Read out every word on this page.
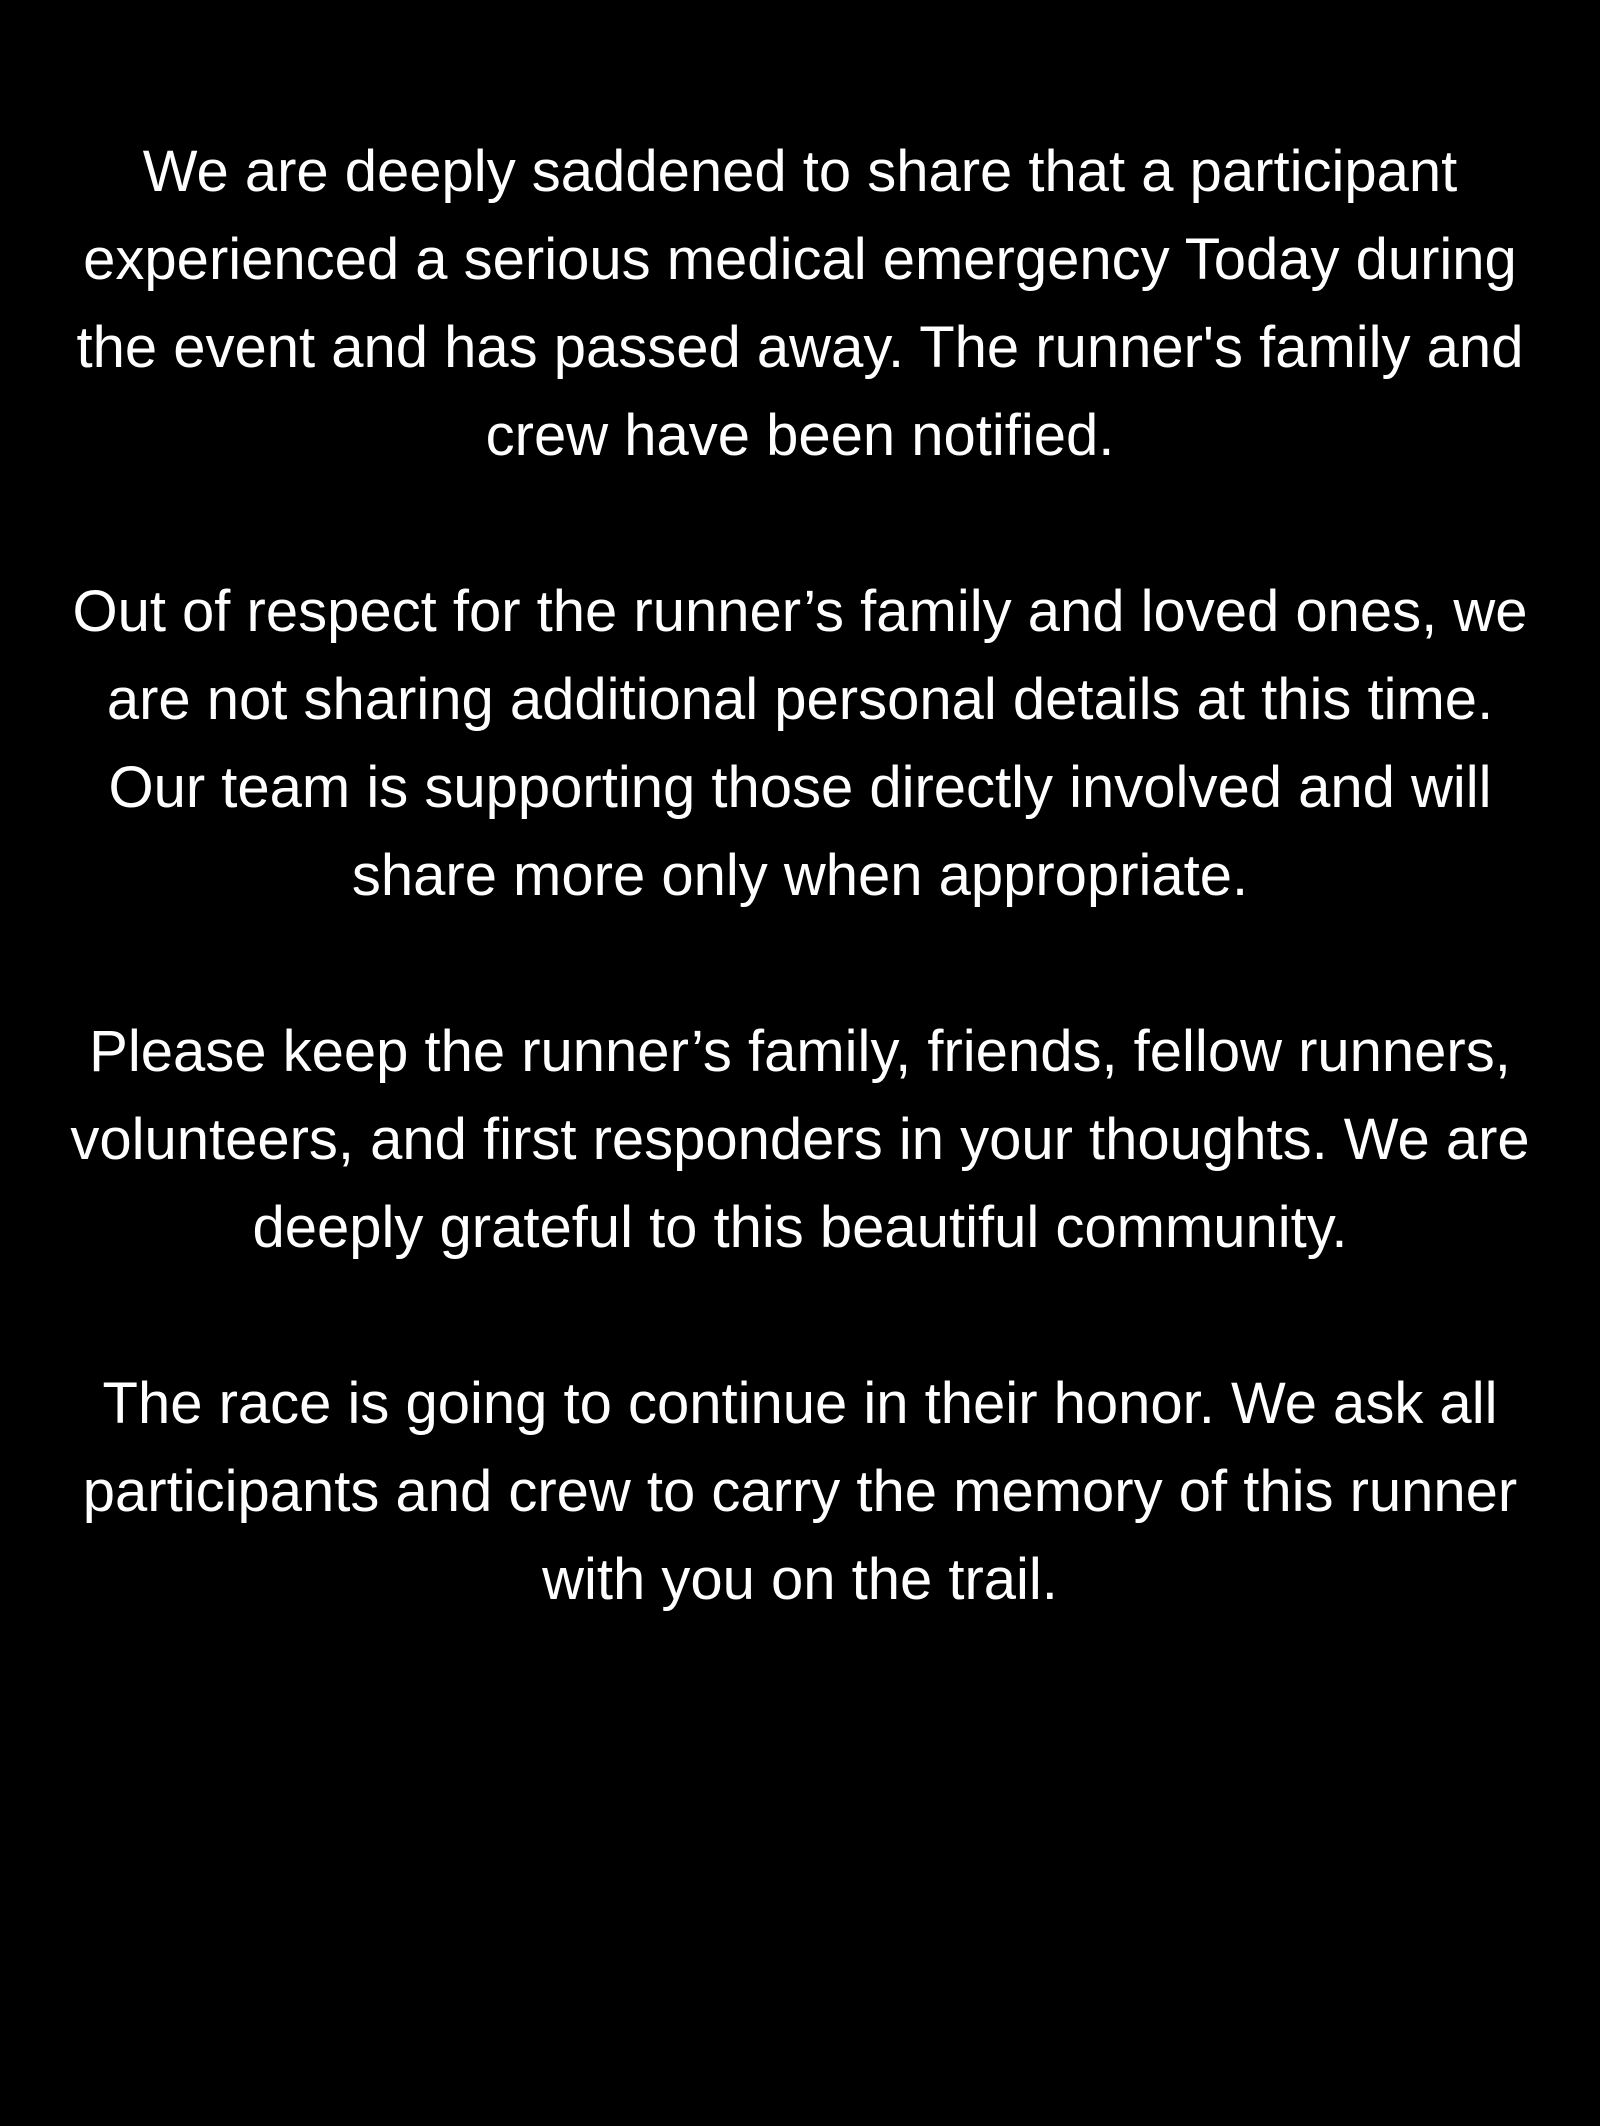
We are deeply saddened to share that a participant experienced a serious medical emergency Today during the event and has passed away. The runner's family and crew have been notified.

Out of respect for the runner’s family and loved ones, we are not sharing additional personal details at this time. Our team is supporting those directly involved and will share more only when appropriate.

Please keep the runner’s family, friends, fellow runners, volunteers, and first responders in your thoughts. We are deeply grateful to this beautiful community.

The race is going to continue in their honor. We ask all participants and crew to carry the memory of this runner with you on the trail.
